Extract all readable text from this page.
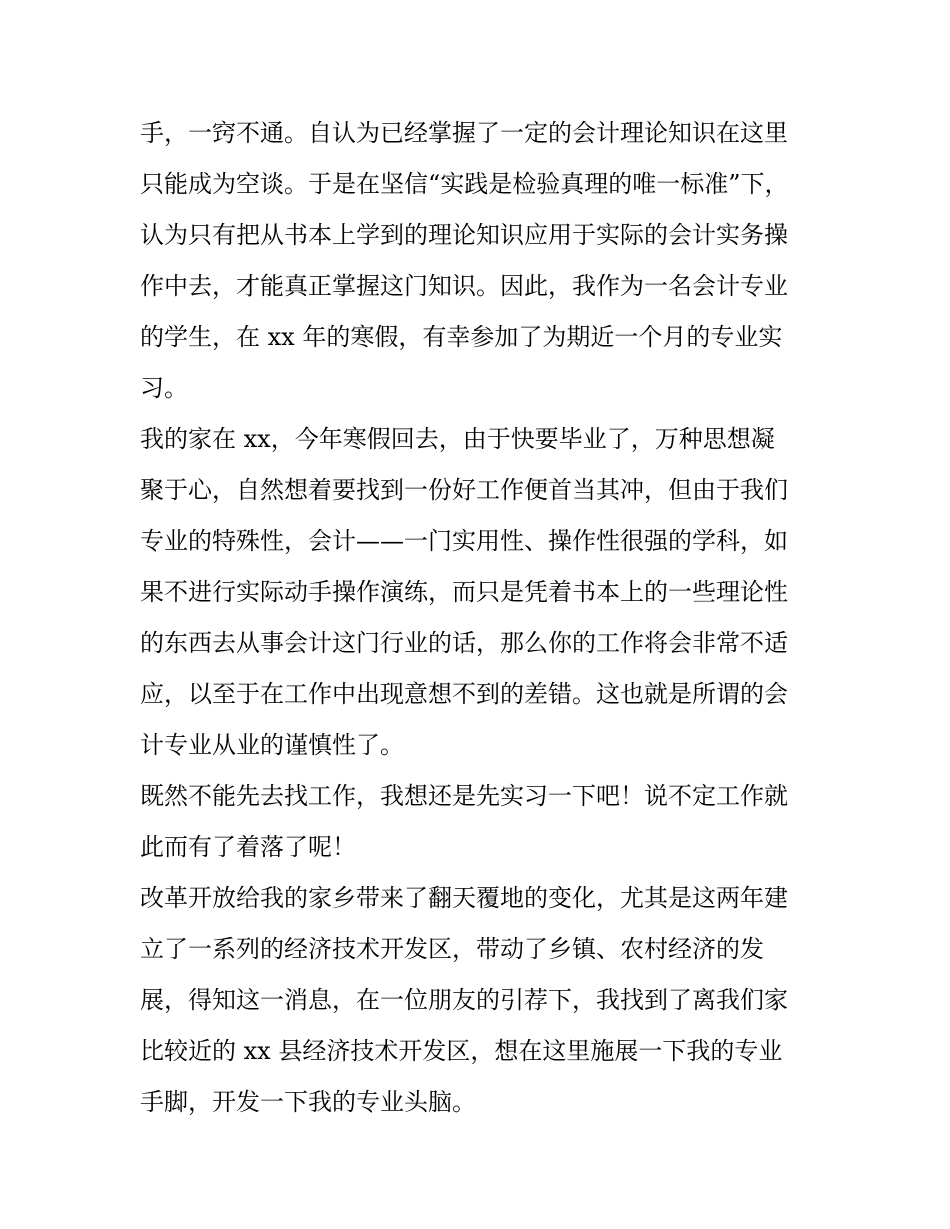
手，一窍不通。自认为已经掌握了一定的会计理论知识在这里
只能成为空谈。于是在坚信“实践是检验真理的唯一标准”下，
认为只有把从书本上学到的理论知识应用于实际的会计实务操
作中去，才能真正掌握这门知识。因此，我作为一名会计专业
的学生，在 xx 年的寒假，有幸参加了为期近一个月的专业实
习。
我的家在 xx，今年寒假回去，由于快要毕业了，万种思想凝
聚于心，自然想着要找到一份好工作便首当其冲，但由于我们
专业的特殊性，会计——一门实用性、操作性很强的学科，如
果不进行实际动手操作演练，而只是凭着书本上的一些理论性
的东西去从事会计这门行业的话，那么你的工作将会非常不适
应，以至于在工作中出现意想不到的差错。这也就是所谓的会
计专业从业的谨慎性了。
既然不能先去找工作，我想还是先实习一下吧！说不定工作就
此而有了着落了呢！
改革开放给我的家乡带来了翻天覆地的变化，尤其是这两年建
立了一系列的经济技术开发区，带动了乡镇、农村经济的发
展，得知这一消息，在一位朋友的引荐下，我找到了离我们家
比较近的 xx 县经济技术开发区，想在这里施展一下我的专业
手脚，开发一下我的专业头脑。
